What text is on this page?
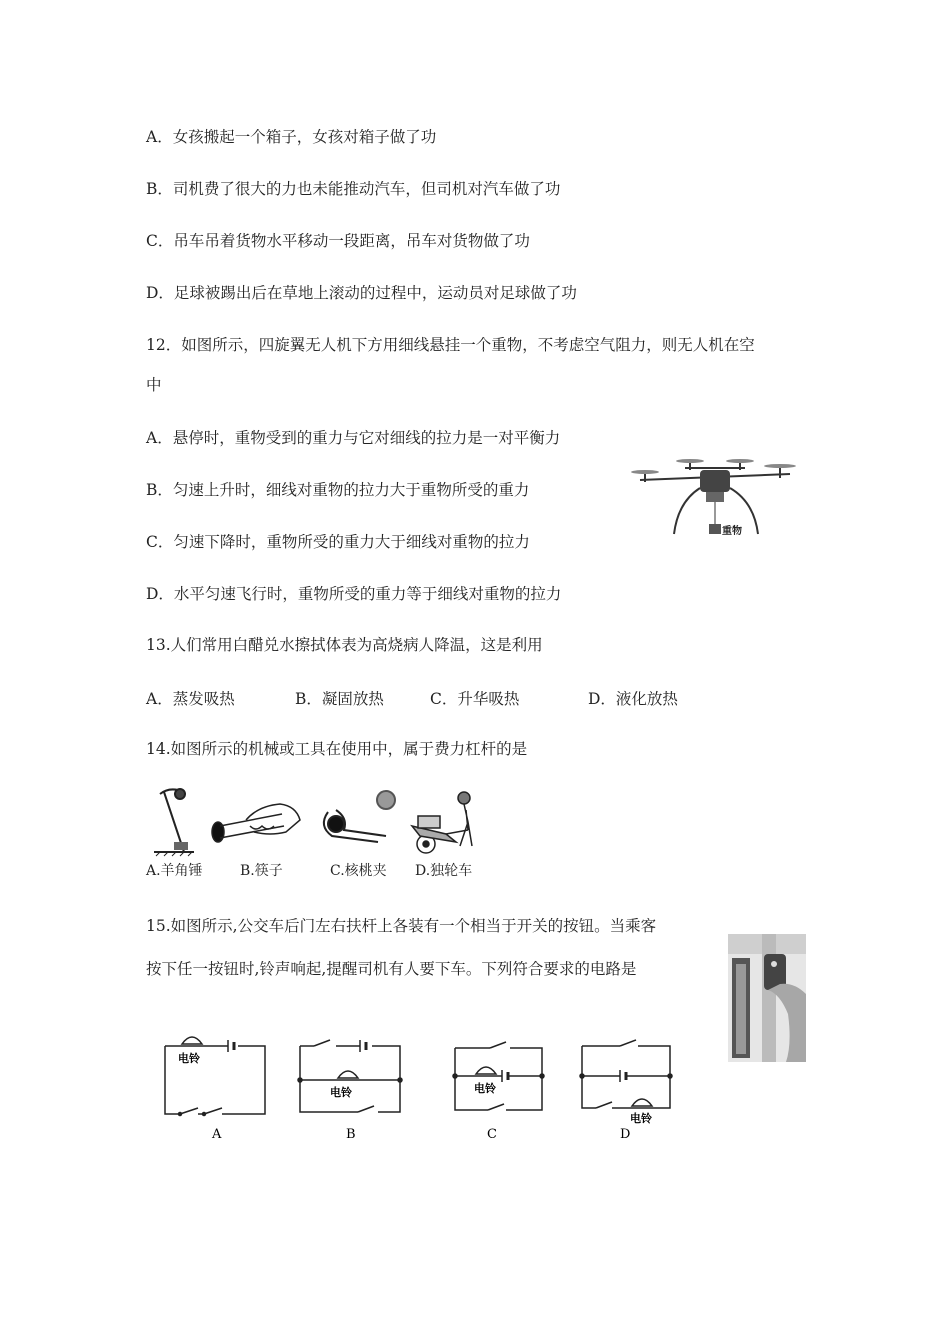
A．女孩搬起一个箱子，女孩对箱子做了功
B．司机费了很大的力也未能推动汽车，但司机对汽车做了功
C．吊车吊着货物水平移动一段距离，吊车对货物做了功
D．足球被踢出后在草地上滚动的过程中，运动员对足球做了功
12．如图所示，四旋翼无人机下方用细线悬挂一个重物，不考虑空气阻力，则无人机在空
中
A．悬停时，重物受到的重力与它对细线的拉力是一对平衡力
B．匀速上升时，细线对重物的拉力大于重物所受的重力
C．匀速下降时，重物所受的重力大于细线对重物的拉力
D．水平匀速飞行时，重物所受的重力等于细线对重物的拉力
重物
13.人们常用白醋兑水擦拭体表为高烧病人降温，这是利用
A．蒸发吸热	B．凝固放热	C．升华吸热	D．液化放热
14.如图所示的机械或工具在使用中，属于费力杠杆的是
A.羊角锤	B.筷子	C.核桃夹 D.独轮车
15.如图所示,公交车后门左右扶杆上各装有一个相当于开关的按钮。当乘客
按下任一按钮时,铃声响起,提醒司机有人要下车。下列符合要求的电路是
电铃
电铃	电铃
电铃
A	B	C	D
